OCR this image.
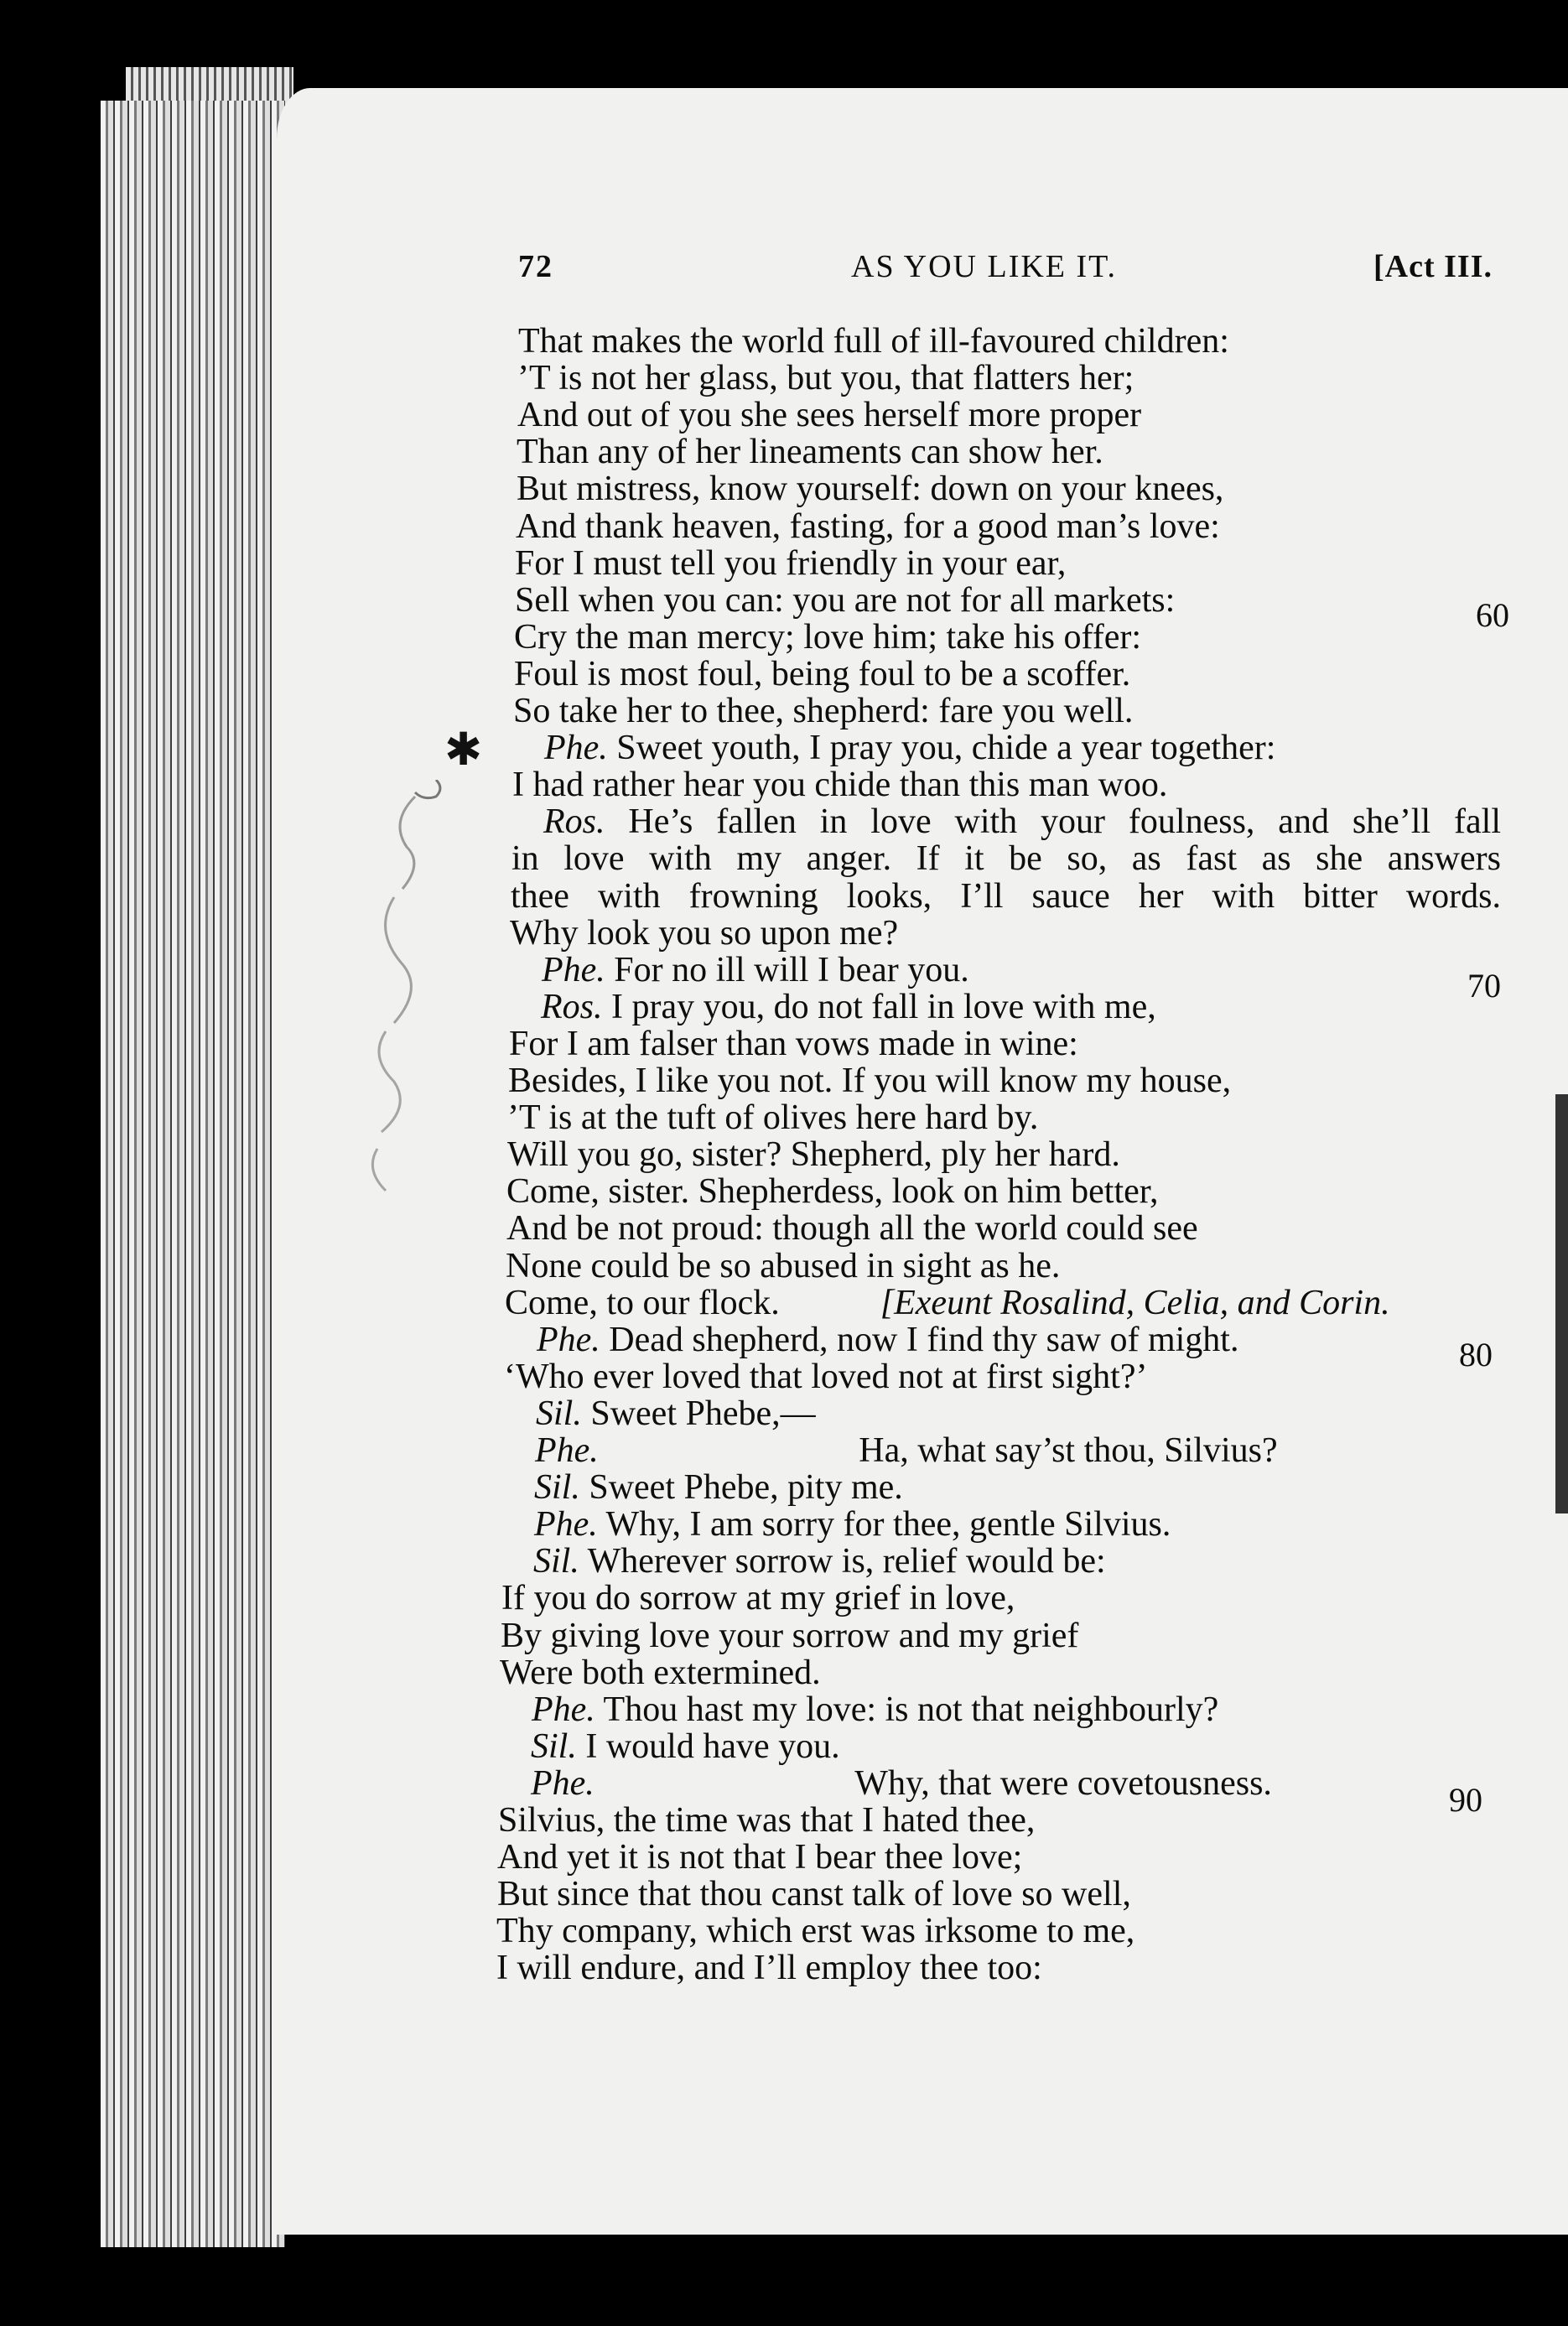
72	AS YOU LIKE IT.	[Act III.
✱
That makes the world full of ill-favoured children:
’T is not her glass, but you, that flatters her;
And out of you she sees herself more proper
Than any of her lineaments can show her.
But mistress, know yourself: down on your knees,
And thank heaven, fasting, for a good man’s love:
For I must tell you friendly in your ear,
Sell when you can: you are not for all markets:
Cry the man mercy; love him; take his offer:
Foul is most foul, being foul to be a scoffer.
So take her to thee, shepherd: fare you well.
Phe. Sweet youth, I pray you, chide a year together:
I had rather hear you chide than this man woo.
Ros. He’s fallen in love with your foulness, and she’ll fall
in love with my anger. If it be so, as fast as she answers
thee with frowning looks, I’ll sauce her with bitter words.
Why look you so upon me?
Phe. For no ill will I bear you.
Ros. I pray you, do not fall in love with me,
For I am falser than vows made in wine:
Besides, I like you not. If you will know my house,
’T is at the tuft of olives here hard by.
Will you go, sister? Shepherd, ply her hard.
Come, sister. Shepherdess, look on him better,
And be not proud: though all the world could see
None could be so abused in sight as he.
Come, to our flock.	[Exeunt Rosalind, Celia, and Corin.
Phe. Dead shepherd, now I find thy saw of might.
‘Who ever loved that loved not at first sight?’
Sil. Sweet Phebe,—
Phe.	Ha, what say’st thou, Silvius?
Sil. Sweet Phebe, pity me.
Phe. Why, I am sorry for thee, gentle Silvius.
Sil. Wherever sorrow is, relief would be:
If you do sorrow at my grief in love,
By giving love your sorrow and my grief
Were both extermined.
Phe. Thou hast my love: is not that neighbourly?
Sil. I would have you.
Phe.	Why, that were covetousness.
Silvius, the time was that I hated thee,
And yet it is not that I bear thee love;
But since that thou canst talk of love so well,
Thy company, which erst was irksome to me,
I will endure, and I’ll employ thee too:
60
70
80
90
